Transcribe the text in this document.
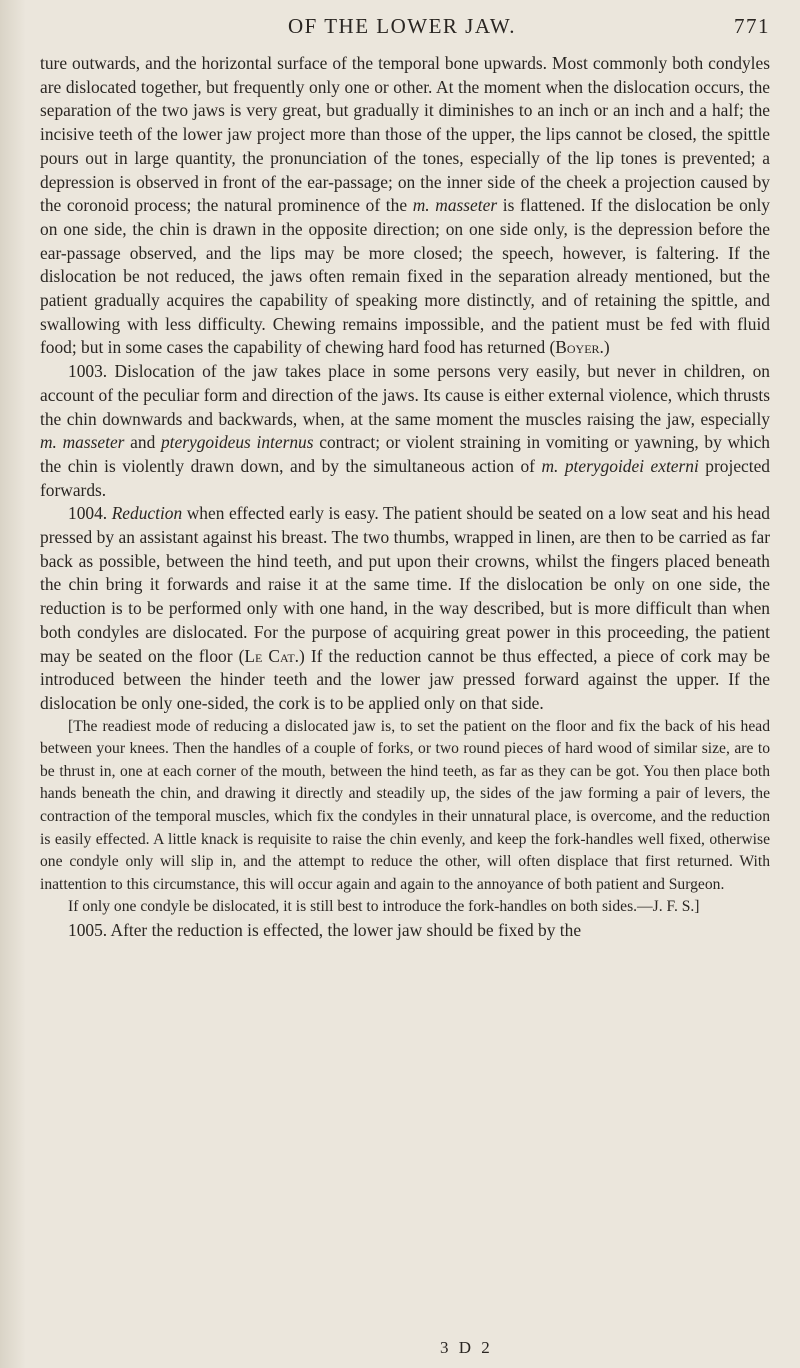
OF THE LOWER JAW.	771

ture outwards, and the horizontal surface of the temporal bone upwards. Most commonly both condyles are dislocated together, but frequently only one or other. At the moment when the dislocation occurs, the separation of the two jaws is very great, but gradually it diminishes to an inch or an inch and a half; the incisive teeth of the lower jaw project more than those of the upper, the lips cannot be closed, the spittle pours out in large quantity, the pronunciation of the tones, especially of the lip tones is prevented; a depression is observed in front of the ear-passage; on the inner side of the cheek a projection caused by the coronoid process; the natural prominence of the m. masseter is flattened. If the dislocation be only on one side, the chin is drawn in the opposite direction; on one side only, is the depression before the ear-passage observed, and the lips may be more closed; the speech, however, is faltering. If the dislocation be not reduced, the jaws often remain fixed in the separation already mentioned, but the patient gradually acquires the capability of speaking more distinctly, and of retaining the spittle, and swallowing with less difficulty. Chewing remains impossible, and the patient must be fed with fluid food; but in some cases the capability of chewing hard food has returned (Boyer.)

1003. Dislocation of the jaw takes place in some persons very easily, but never in children, on account of the peculiar form and direction of the jaws. Its cause is either external violence, which thrusts the chin downwards and backwards, when, at the same moment the muscles raising the jaw, especially m. masseter and pterygoideus internus contract; or violent straining in vomiting or yawning, by which the chin is violently drawn down, and by the simultaneous action of m. pterygoidei externi projected forwards.

1004. Reduction when effected early is easy. The patient should be seated on a low seat and his head pressed by an assistant against his breast. The two thumbs, wrapped in linen, are then to be carried as far back as possible, between the hind teeth, and put upon their crowns, whilst the fingers placed beneath the chin bring it forwards and raise it at the same time. If the dislocation be only on one side, the reduction is to be performed only with one hand, in the way described, but is more difficult than when both condyles are dislocated. For the purpose of acquiring great power in this proceeding, the patient may be seated on the floor (Le Cat.) If the reduction cannot be thus effected, a piece of cork may be introduced between the hinder teeth and the lower jaw pressed forward against the upper. If the dislocation be only one-sided, the cork is to be applied only on that side.

[The readiest mode of reducing a dislocated jaw is, to set the patient on the floor and fix the back of his head between your knees. Then the handles of a couple of forks, or two round pieces of hard wood of similar size, are to be thrust in, one at each corner of the mouth, between the hind teeth, as far as they can be got. You then place both hands beneath the chin, and drawing it directly and steadily up, the sides of the jaw forming a pair of levers, the contraction of the temporal muscles, which fix the condyles in their unnatural place, is overcome, and the reduction is easily effected. A little knack is requisite to raise the chin evenly, and keep the fork-handles well fixed, otherwise one condyle only will slip in, and the attempt to reduce the other, will often displace that first returned. With inattention to this circumstance, this will occur again and again to the annoyance of both patient and Surgeon.

If only one condyle be dislocated, it is still best to introduce the fork-handles on both sides.—J. F. S.]

1005. After the reduction is effected, the lower jaw should be fixed by the

3 D 2
